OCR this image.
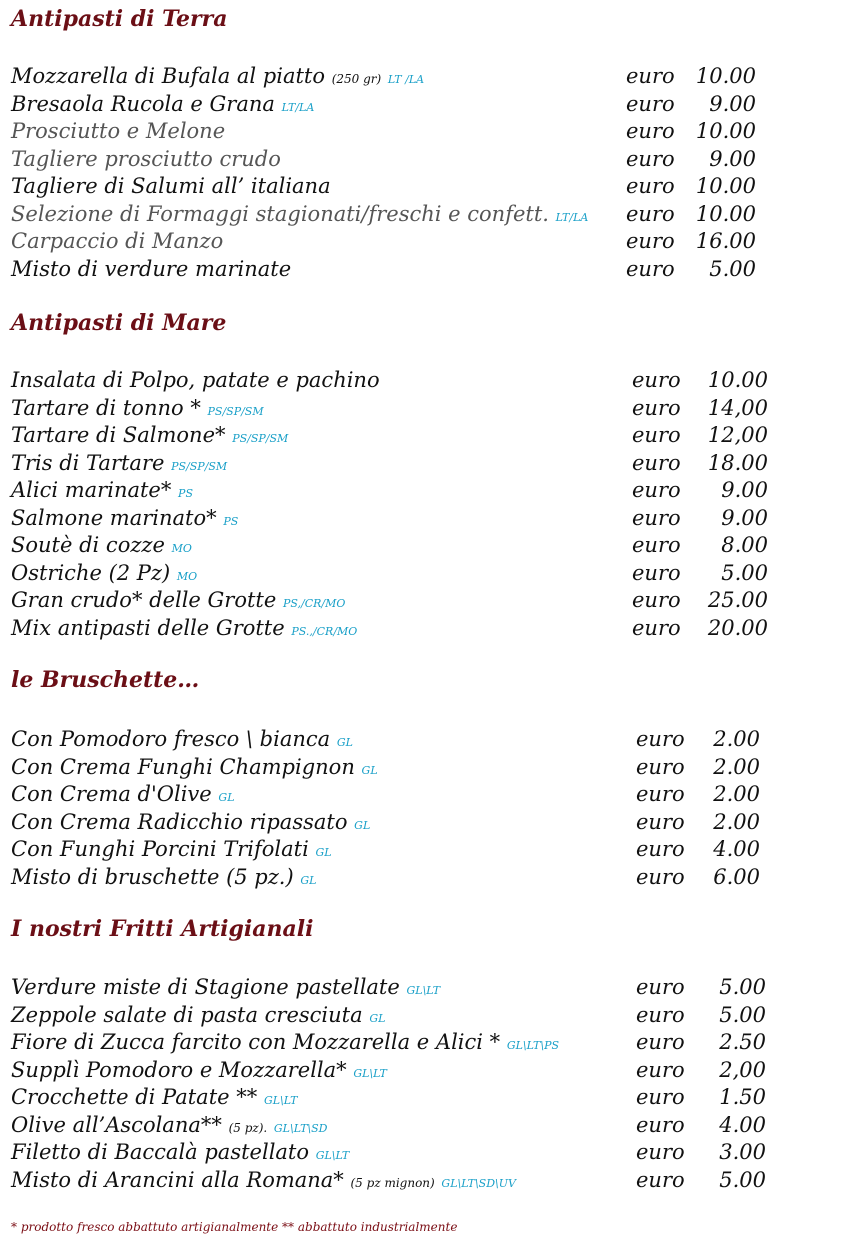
Antipasti di Terra
Mozzarella di Bufala al piatto (250 gr) LT /LA	euro 10.00
Bresaola Rucola e Grana LT/LA	euro 9.00
Prosciutto e Melone	euro 10.00
Tagliere prosciutto crudo	euro 9.00
Tagliere di Salumi all’ italiana	euro 10.00
Selezione di Formaggi stagionati/freschi e confett. LT/LA euro 10.00
Carpaccio di Manzo	euro 16.00
Misto di verdure marinate	euro 5.00
Antipasti di Mare
Insalata di Polpo, patate e pachino	euro 10.00
Tartare di tonno * PS/SP/SM	euro 14,00
Tartare di Salmone* PS/SP/SM	euro 12,00
Tris di Tartare PS/SP/SM	euro 18.00
Alici marinate* PS	euro 9.00
Salmone marinato* PS	euro 9.00
Soutè di cozze MO	euro 8.00
Ostriche (2 Pz) MO	euro 5.00
Gran crudo* delle Grotte PS,/CR/MO	euro 25.00
Mix antipasti delle Grotte PS.,/CR/MO	euro 20.00
le Bruschette…
Con Pomodoro fresco \ bianca GL	euro 2.00
Con Crema Funghi Champignon GL	euro 2.00
Con Crema d'Olive GL	euro 2.00
Con Crema Radicchio ripassato GL	euro 2.00
Con Funghi Porcini Trifolati GL	euro 4.00
Misto di bruschette (5 pz.) GL	euro 6.00
I nostri Fritti Artigianali
Verdure miste di Stagione pastellate GL\LT	euro 5.00
Zeppole salate di pasta cresciuta GL	euro 5.00
Fiore di Zucca farcito con Mozzarella e Alici * GL\LT\PS	euro 2.50
Supplì Pomodoro e Mozzarella* GL\LT	euro 2,00
Crocchette di Patate ** GL\LT	euro 1.50
Olive all’Ascolana** (5 pz). GL\LT\SD	euro 4.00
Filetto di Baccalà pastellato GL\LT	euro 3.00
Misto di Arancini alla Romana* (5 pz mignon) GL\LT\SD\UV	euro 5.00
* prodotto fresco abbattuto artigianalmente ** abbattuto industrialmente
